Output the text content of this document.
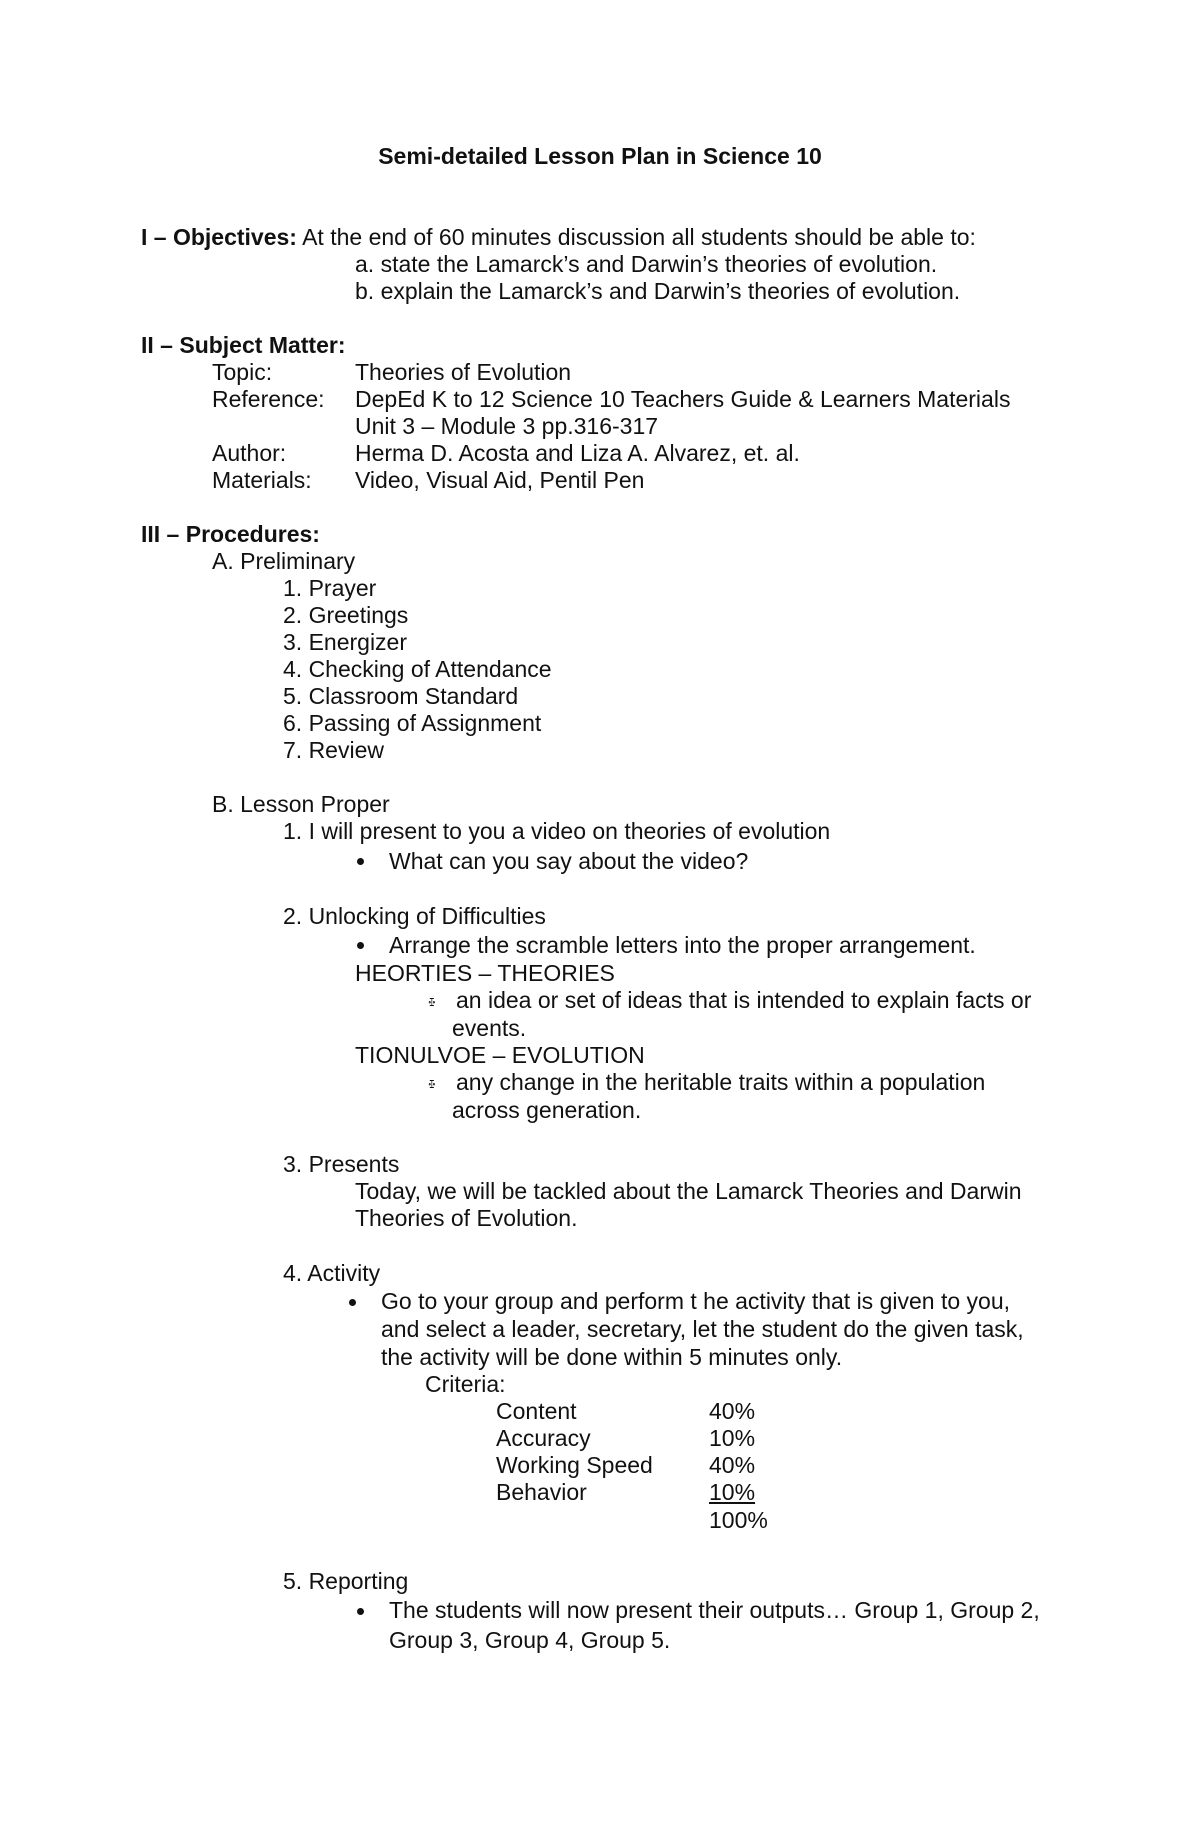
Semi-detailed Lesson Plan in Science 10
I – Objectives: At the end of 60 minutes discussion all students should be able to:
a. state the Lamarck’s and Darwin’s theories of evolution.
b. explain the Lamarck’s and Darwin’s theories of evolution.
II – Subject Matter:
Topic:	Theories of Evolution
Reference: DepEd K to 12 Science 10 Teachers Guide & Learners Materials
Unit 3 – Module 3 pp.316-317
Author:	Herma D. Acosta and Liza A. Alvarez, et. al.
Materials: Video, Visual Aid, Pentil Pen
III – Procedures:
A. Preliminary
1. Prayer
2. Greetings
3. Energizer
4. Checking of Attendance
5. Classroom Standard
6. Passing of Assignment
7. Review
B. Lesson Proper
1. I will present to you a video on theories of evolution
What can you say about the video?
2. Unlocking of Difficulties
Arrange the scramble letters into the proper arrangement.
HEORTIES – THEORIES
ꔀ an idea or set of ideas that is intended to explain facts or
events.
TIONULVOE – EVOLUTION
ꔀ any change in the heritable traits within a population
across generation.
3. Presents
Today, we will be tackled about the Lamarck Theories and Darwin
Theories of Evolution.
4. Activity
Go to your group and perform t he activity that is given to you,
and select a leader, secretary, let the student do the given task,
the activity will be done within 5 minutes only.
Criteria:
Content	40%
Accuracy	10%
Working Speed 40%
Behavior	10%
100%
5. Reporting
The students will now present their outputs… Group 1, Group 2,
Group 3, Group 4, Group 5.
